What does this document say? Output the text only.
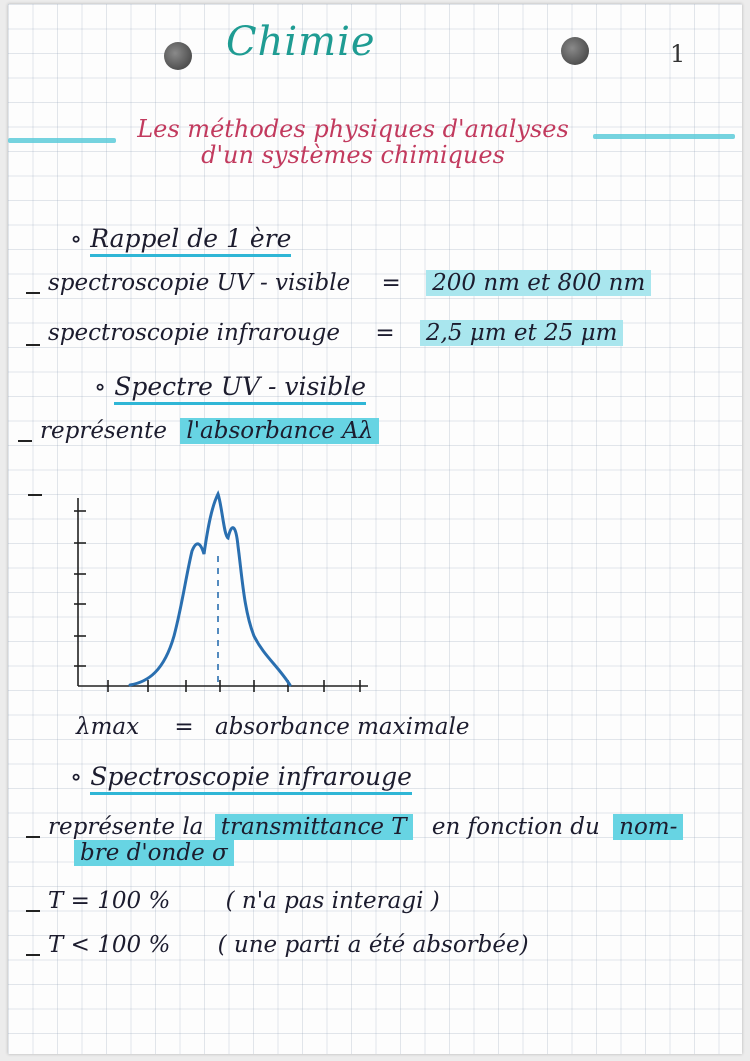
Chimie	1
Les méthodes physiques d'analyses
d'un systèmes chimiques
∘ Rappel de 1 ère
spectroscopie UV - visible = 200 nm et 800 nm
spectroscopie infrarouge = 2,5 μm et 25 μm
∘ Spectre UV - visible
représente l'absorbance Aλ
λmax = absorbance maximale
∘ Spectroscopie infrarouge
représente la transmittance T en fonction du nom-
bre d'onde σ
T = 100 % ( n'a pas interagi )
T < 100 % ( une parti a été absorbée)
